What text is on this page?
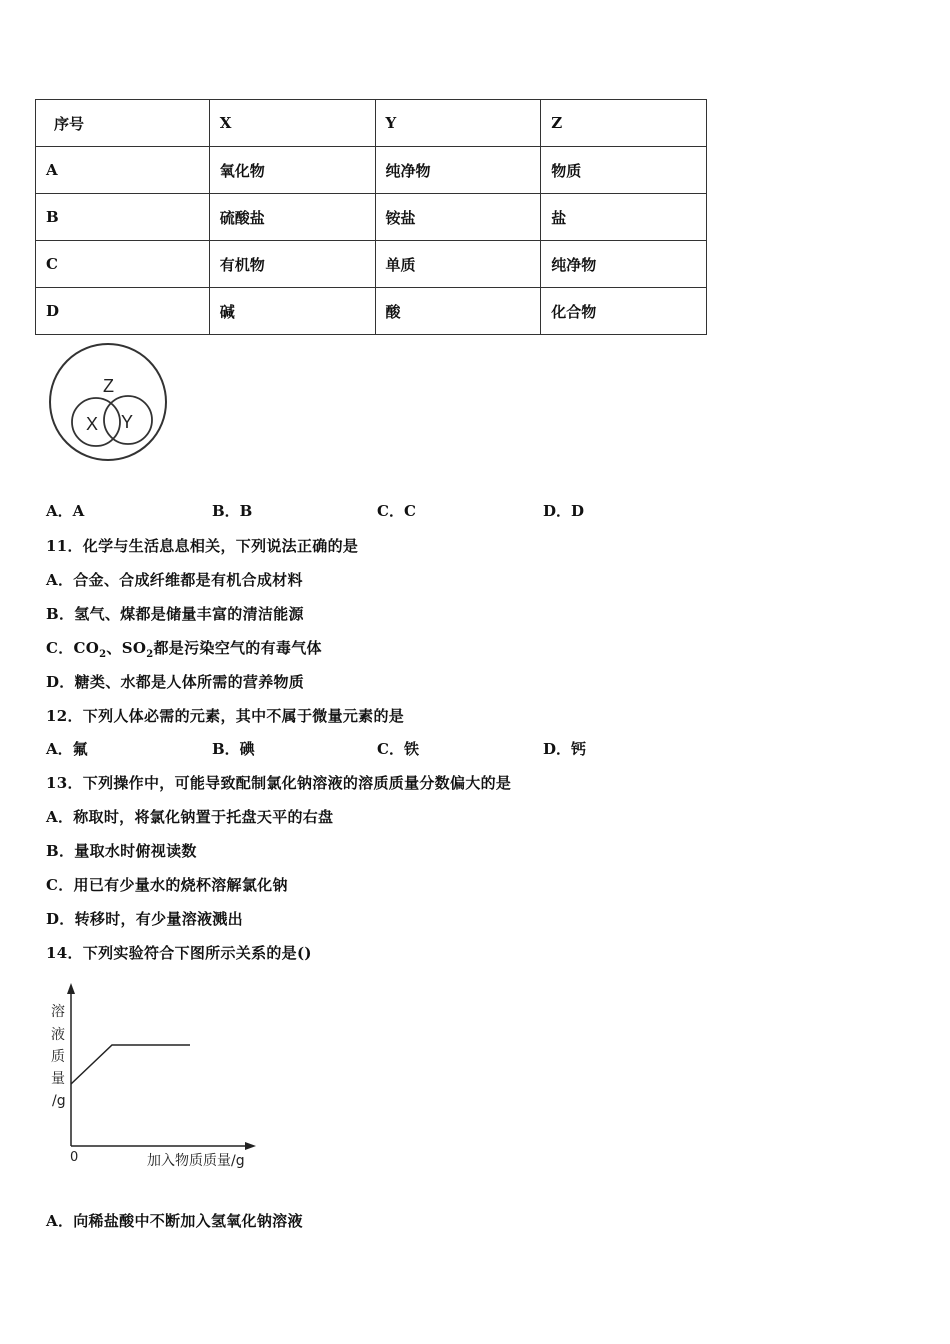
序号	X	Y	Z
A	氧化物	纯净物	物质
B	硫酸盐	铵盐	盐
C	有机物	单质	纯净物
D	碱	酸	化合物
Z
X Y
A．A	B．B	C．C	D．D
11．化学与生活息息相关，下列说法正确的是
A．合金、合成纤维都是有机合成材料
B．氢气、煤都是储量丰富的清洁能源
C．$CO_2$、$SO_2$都是污染空气的有毒气体
D．糖类、水都是人体所需的营养物质
12．下列人体必需的元素，其中不属于微量元素的是
A．氟	B．碘	C．铁	D．钙
13．下列操作中，可能导致配制氯化钠溶液的溶质质量分数偏大的是
A．称取时，将氯化钠置于托盘天平的右盘
B．量取水时俯视读数
C．用已有少量水的烧杯溶解氯化钠
D．转移时，有少量溶液溅出
14．下列实验符合下图所示关系的是()
溶
液
质
量
/g
0	加入物质质量/g
A．向稀盐酸中不断加入氢氧化钠溶液
